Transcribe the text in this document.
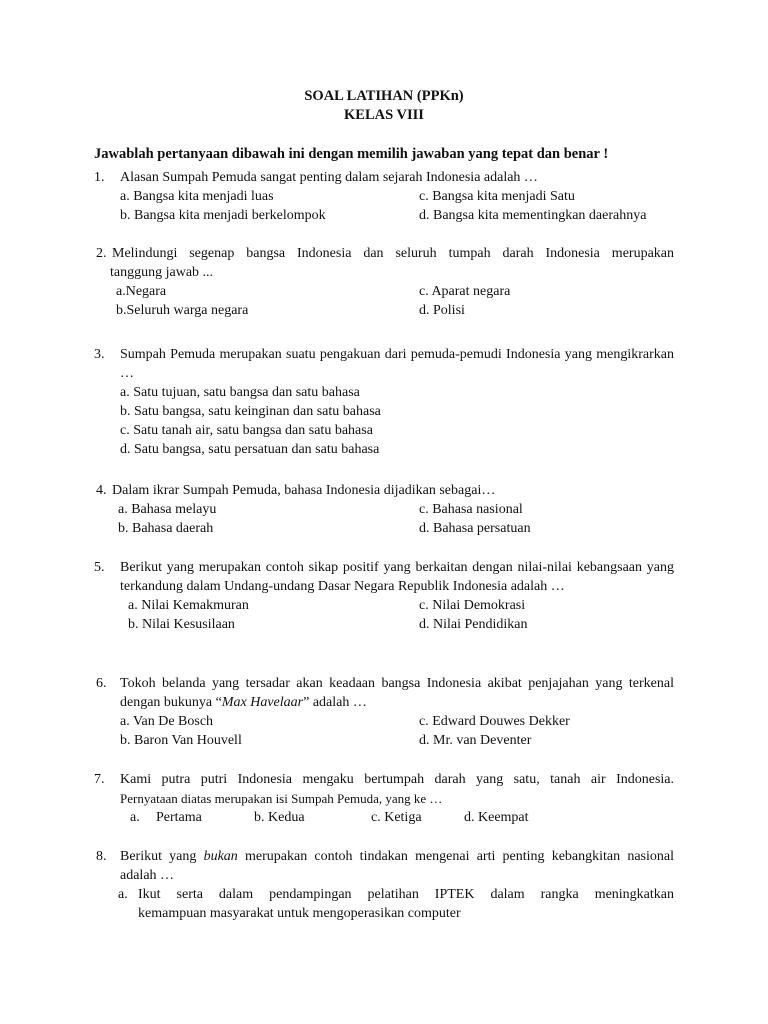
SOAL LATIHAN (PPKn)
KELAS VIII
Jawablah pertanyaan dibawah ini dengan memilih jawaban yang tepat dan benar !
1. Alasan Sumpah Pemuda sangat penting dalam sejarah Indonesia adalah …
a. Bangsa kita menjadi luas	c. Bangsa kita menjadi Satu
b. Bangsa kita menjadi berkelompok	d. Bangsa kita mementingkan daerahnya
2. Melindungi segenap bangsa Indonesia dan seluruh tumpah darah Indonesia merupakan
tanggung jawab ...
a.Negara	c. Aparat negara
b.Seluruh warga negara	d. Polisi
3. Sumpah Pemuda merupakan suatu pengakuan dari pemuda-pemudi Indonesia yang mengikrarkan …
a. Satu tujuan, satu bangsa dan satu bahasa
b. Satu bangsa, satu keinginan dan satu bahasa
c. Satu tanah air, satu bangsa dan satu bahasa
d. Satu bangsa, satu persatuan dan satu bahasa
4. Dalam ikrar Sumpah Pemuda, bahasa Indonesia dijadikan sebagai…
a. Bahasa melayu	c. Bahasa nasional
b. Bahasa daerah	d. Bahasa persatuan
5. Berikut yang merupakan contoh sikap positif yang berkaitan dengan nilai-nilai kebangsaan yang terkandung dalam Undang-undang Dasar Negara Republik Indonesia adalah …
a. Nilai Kemakmuran	c. Nilai Demokrasi
b. Nilai Kesusilaan	d. Nilai Pendidikan
6. Tokoh belanda yang tersadar akan keadaan bangsa Indonesia akibat penjajahan yang terkenal dengan bukunya “Max Havelaar” adalah …
a. Van De Bosch	c. Edward Douwes Dekker
b. Baron Van Houvell	d. Mr. van Deventer
7. Kami putra putri Indonesia mengaku bertumpah darah yang satu, tanah air Indonesia.
Pernyataan diatas merupakan isi Sumpah Pemuda, yang ke …
a. Pertama	b. Kedua	c. Ketiga	d. Keempat
8. Berikut yang bukan merupakan contoh tindakan mengenai arti penting kebangkitan nasional adalah …
a. Ikut serta dalam pendampingan pelatihan IPTEK dalam rangka meningkatkan
kemampuan masyarakat untuk mengoperasikan computer
